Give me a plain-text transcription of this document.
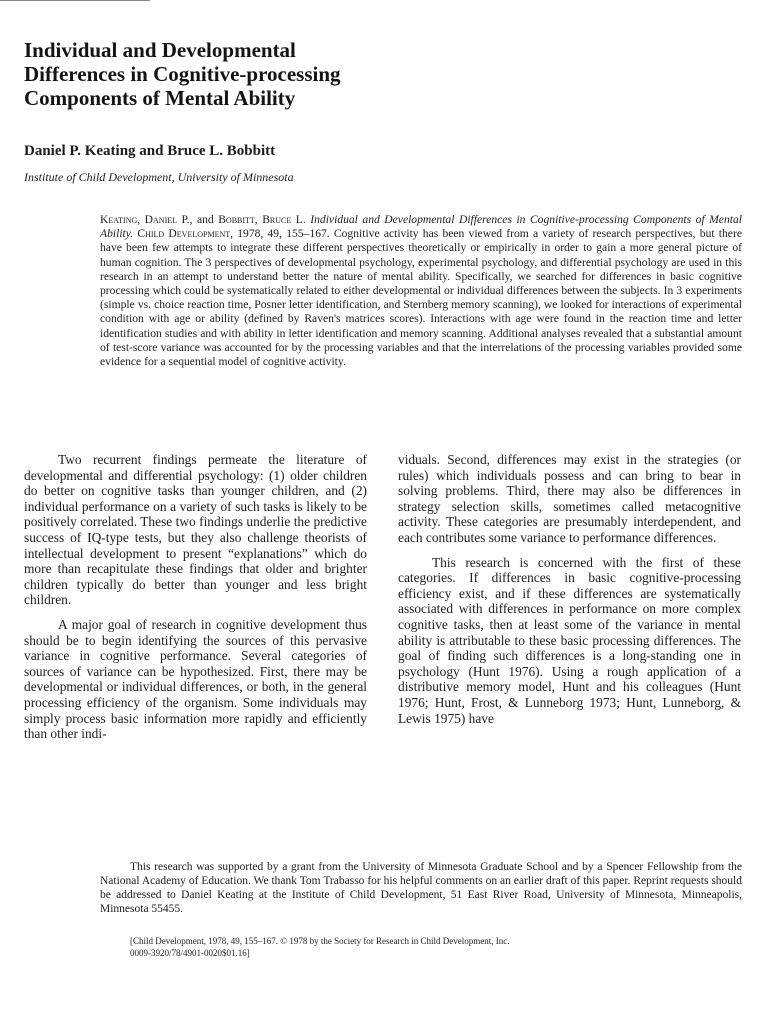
Individual and Developmental
Differences in Cognitive-processing
Components of Mental Ability
Daniel P. Keating and Bruce L. Bobbitt
Institute of Child Development, University of Minnesota
Keating, Daniel P., and Bobbitt, Bruce L. Individual and Developmental Differences in Cognitive-processing Components of Mental Ability. Child Development, 1978, 49, 155–167. Cognitive activity has been viewed from a variety of research perspectives, but there have been few attempts to integrate these different perspectives theoretically or empirically in order to gain a more general picture of human cognition. The 3 perspectives of developmental psychology, experimental psychology, and differential psychology are used in this research in an attempt to understand better the nature of mental ability. Specifically, we searched for differences in basic cognitive processing which could be systematically related to either developmental or individual differences between the subjects. In 3 experiments (simple vs. choice reaction time, Posner letter identification, and Sternberg memory scanning), we looked for interactions of experimental condition with age or ability (defined by Raven's matrices scores). Interactions with age were found in the reaction time and letter identification studies and with ability in letter identification and memory scanning. Additional analyses revealed that a substantial amount of test-score variance was accounted for by the processing variables and that the interrelations of the processing variables provided some evidence for a sequential model of cognitive activity.

Two recurrent findings permeate the literature of developmental and differential psychology: (1) older children do better on cognitive tasks than younger children, and (2) individual performance on a variety of such tasks is likely to be positively correlated. These two findings underlie the predictive success of IQ-type tests, but they also challenge theorists of intellectual development to present “explanations” which do more than recapitulate these findings that older and brighter children typically do better than younger and less bright children.

A major goal of research in cognitive development thus should be to begin identifying the sources of this pervasive variance in cognitive performance. Several categories of sources of variance can be hypothesized. First, there may be developmental or individual differences, or both, in the general processing efficiency of the organism. Some individuals may simply process basic information more rapidly and efficiently than other indi-

viduals. Second, differences may exist in the strategies (or rules) which individuals possess and can bring to bear in solving problems. Third, there may also be differences in strategy selection skills, sometimes called metacognitive activity. These categories are presumably interdependent, and each contributes some variance to performance differences.

This research is concerned with the first of these categories. If differences in basic cognitive-processing efficiency exist, and if these differences are systematically associated with differences in performance on more complex cognitive tasks, then at least some of the variance in mental ability is attributable to these basic processing differences. The goal of finding such differences is a long-standing one in psychology (Hunt 1976). Using a rough application of a distributive memory model, Hunt and his colleagues (Hunt 1976; Hunt, Frost, & Lunneborg 1973; Hunt, Lunneborg, & Lewis 1975) have

This research was supported by a grant from the University of Minnesota Graduate School and by a Spencer Fellowship from the National Academy of Education. We thank Tom Trabasso for his helpful comments on an earlier draft of this paper. Reprint requests should be addressed to Daniel Keating at the Institute of Child Development, 51 East River Road, University of Minnesota, Minneapolis, Minnesota 55455.

[Child Development, 1978, 49, 155–167. © 1978 by the Society for Research in Child Development, Inc.
0009-3920/78/4901-0020$01.16]
